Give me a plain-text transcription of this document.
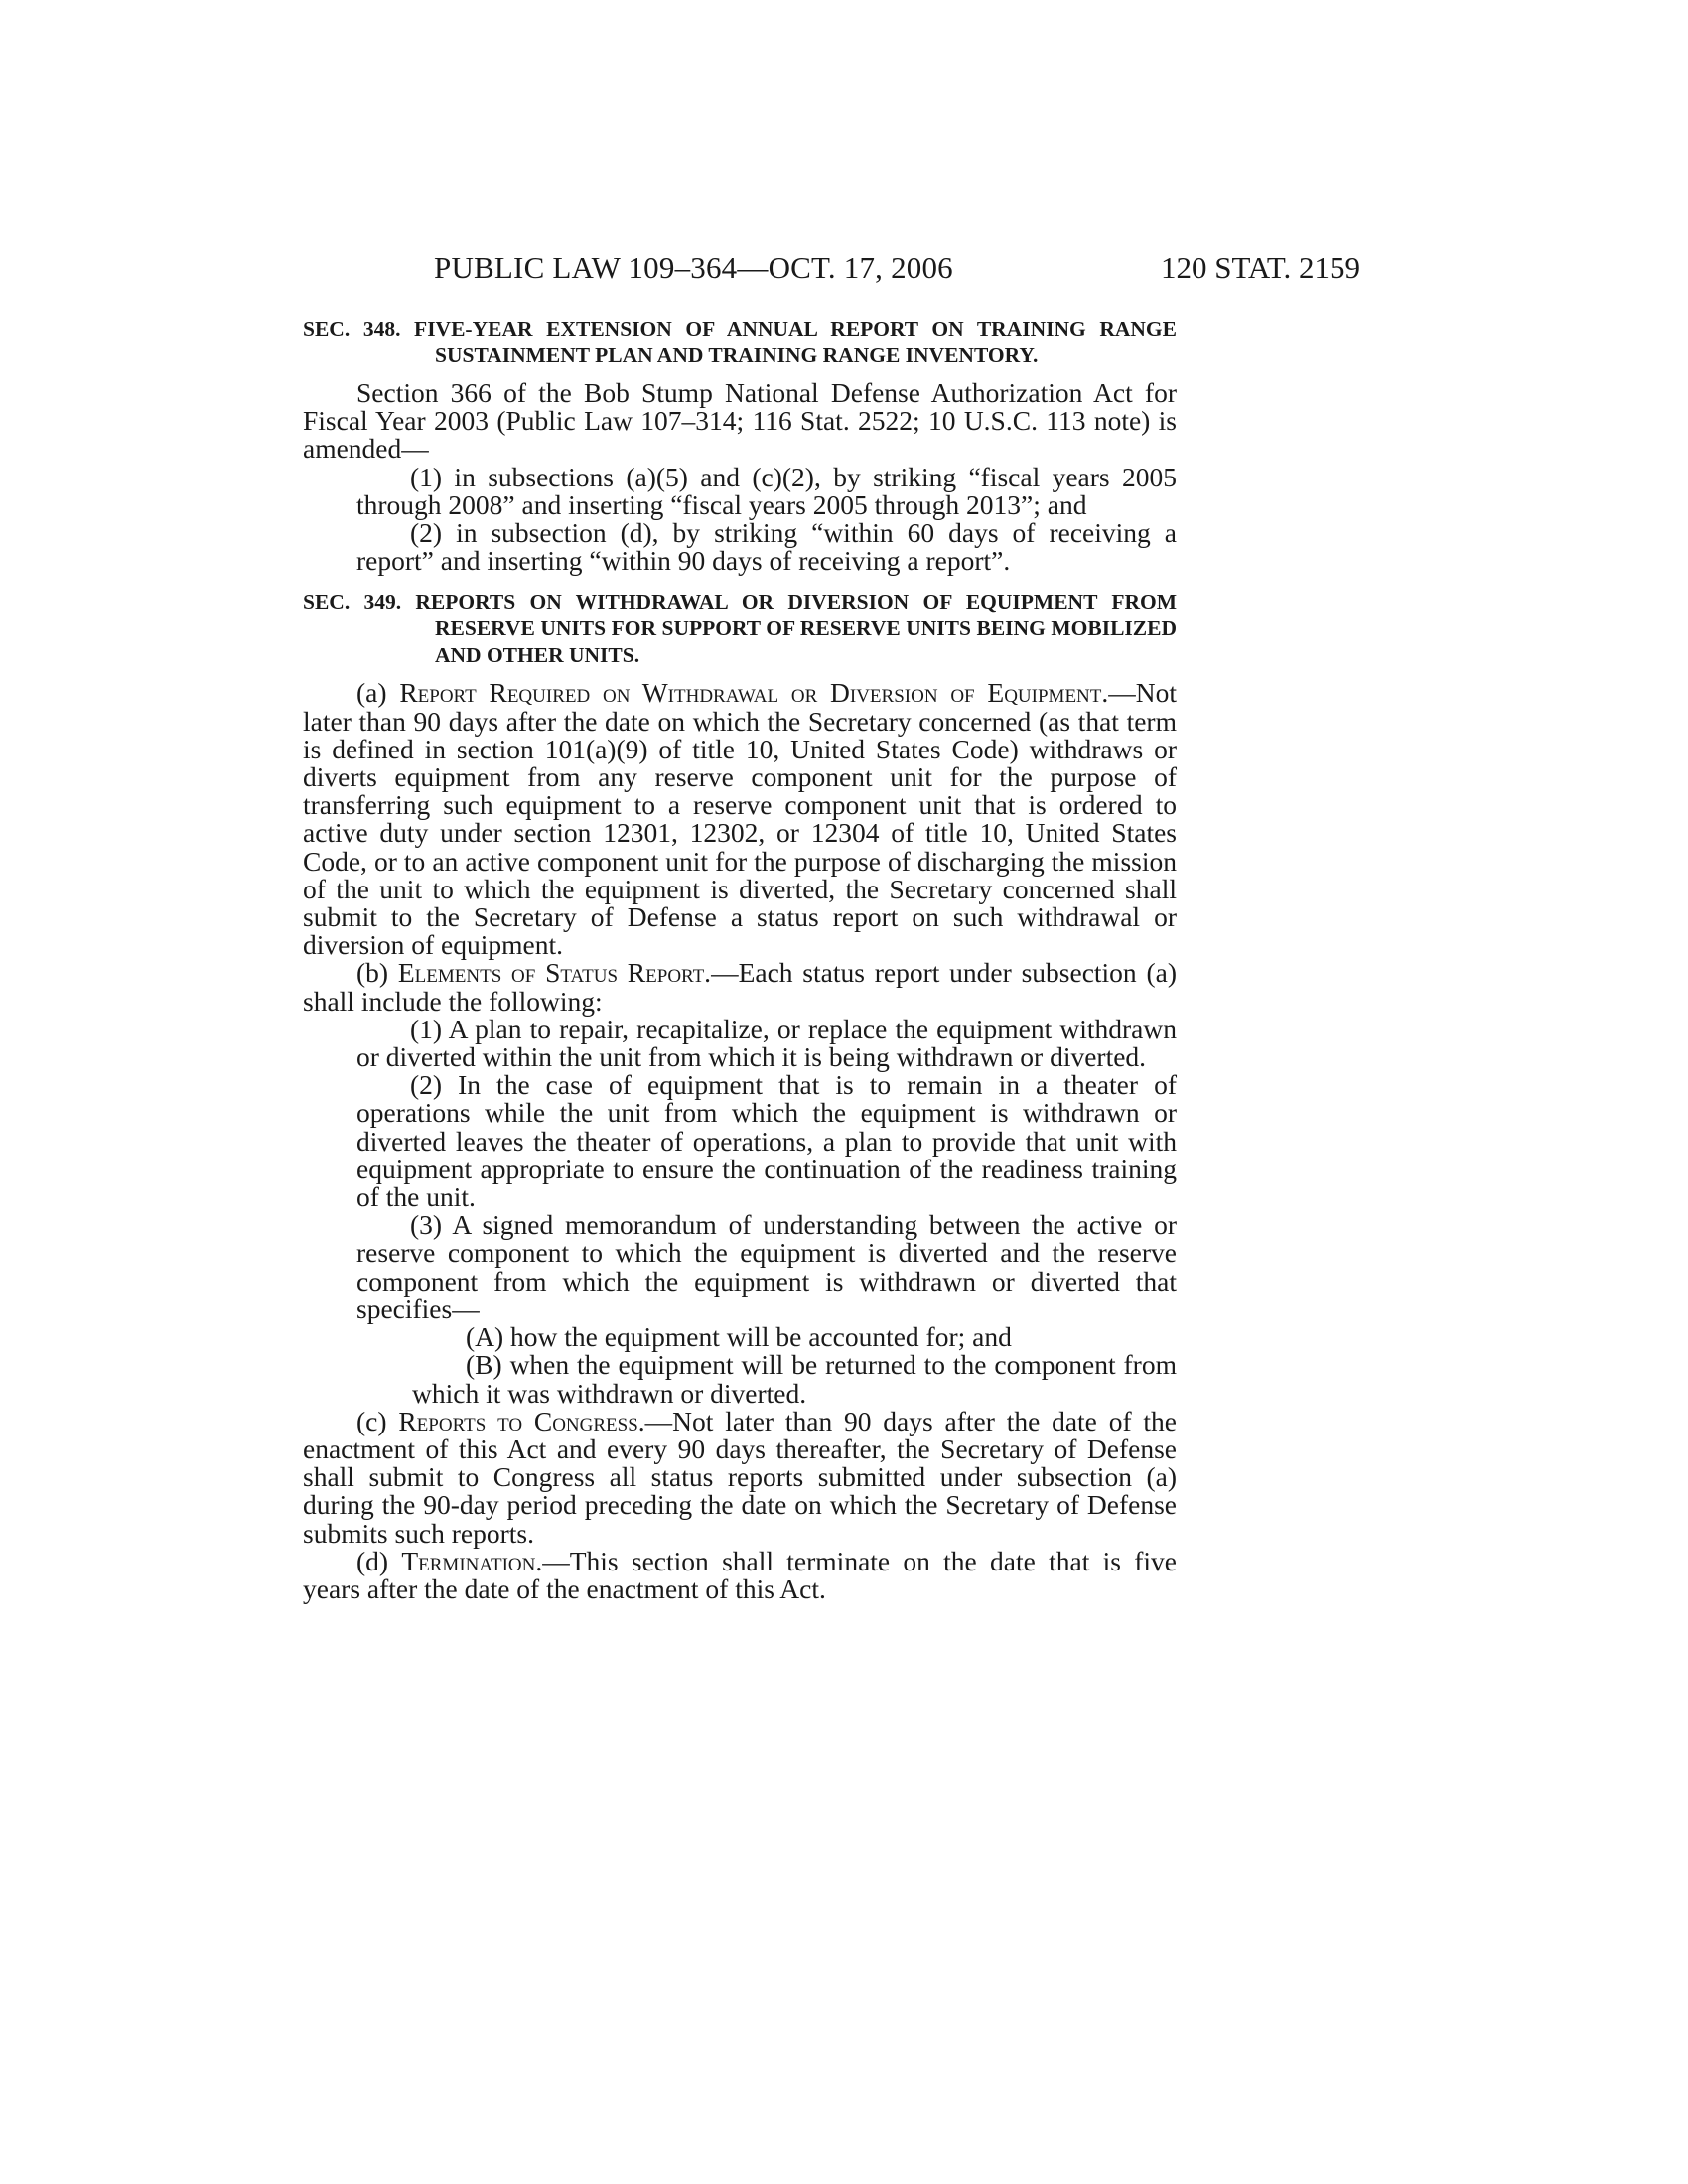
PUBLIC LAW 109–364—OCT. 17, 2006	120 STAT. 2159
SEC. 348. FIVE-YEAR EXTENSION OF ANNUAL REPORT ON TRAINING RANGE SUSTAINMENT PLAN AND TRAINING RANGE INVENTORY.

Section 366 of the Bob Stump National Defense Authorization Act for Fiscal Year 2003 (Public Law 107–314; 116 Stat. 2522; 10 U.S.C. 113 note) is amended—

(1) in subsections (a)(5) and (c)(2), by striking “fiscal years 2005 through 2008” and inserting “fiscal years 2005 through 2013”; and

(2) in subsection (d), by striking “within 60 days of receiving a report” and inserting “within 90 days of receiving a report”.

SEC. 349. REPORTS ON WITHDRAWAL OR DIVERSION OF EQUIPMENT FROM RESERVE UNITS FOR SUPPORT OF RESERVE UNITS BEING MOBILIZED AND OTHER UNITS.

(a) Report Required on Withdrawal or Diversion of Equipment.—Not later than 90 days after the date on which the Secretary concerned (as that term is defined in section 101(a)(9) of title 10, United States Code) withdraws or diverts equipment from any reserve component unit for the purpose of transferring such equipment to a reserve component unit that is ordered to active duty under section 12301, 12302, or 12304 of title 10, United States Code, or to an active component unit for the purpose of discharging the mission of the unit to which the equipment is diverted, the Secretary concerned shall submit to the Secretary of Defense a status report on such withdrawal or diversion of equipment.

(b) Elements of Status Report.—Each status report under subsection (a) shall include the following:

(1) A plan to repair, recapitalize, or replace the equipment withdrawn or diverted within the unit from which it is being withdrawn or diverted.

(2) In the case of equipment that is to remain in a theater of operations while the unit from which the equipment is withdrawn or diverted leaves the theater of operations, a plan to provide that unit with equipment appropriate to ensure the continuation of the readiness training of the unit.

(3) A signed memorandum of understanding between the active or reserve component to which the equipment is diverted and the reserve component from which the equipment is withdrawn or diverted that specifies—

(A) how the equipment will be accounted for; and

(B) when the equipment will be returned to the component from which it was withdrawn or diverted.

(c) Reports to Congress.—Not later than 90 days after the date of the enactment of this Act and every 90 days thereafter, the Secretary of Defense shall submit to Congress all status reports submitted under subsection (a) during the 90-day period preceding the date on which the Secretary of Defense submits such reports.

(d) Termination.—This section shall terminate on the date that is five years after the date of the enactment of this Act.
